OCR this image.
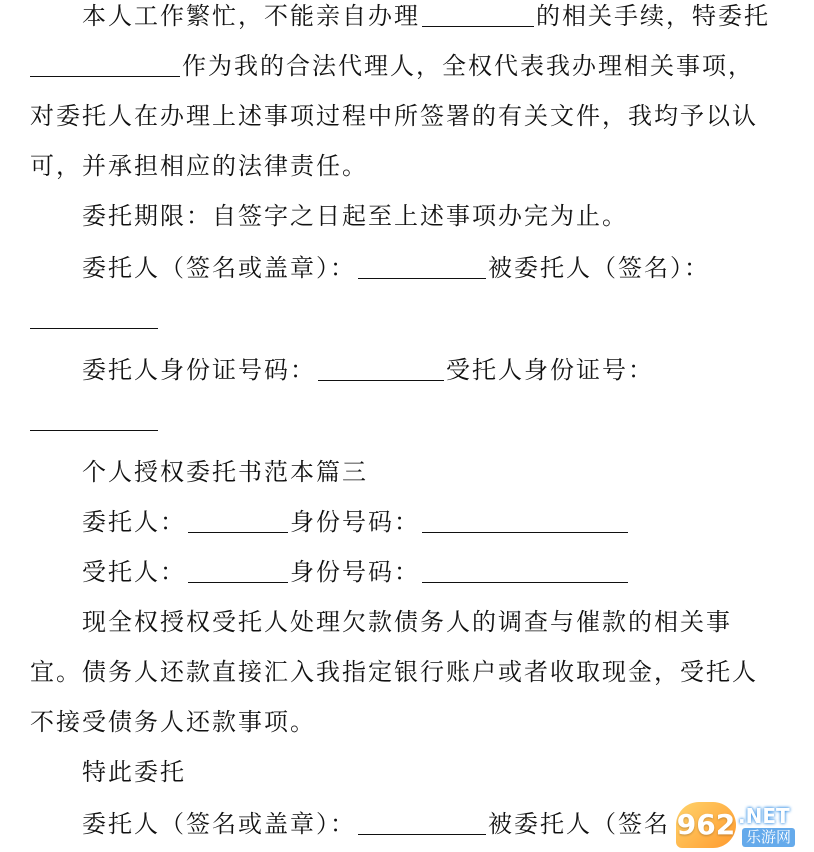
本人工作繁忙，不能亲自办理	的相关手续，特委托
作为我的合法代理人，全权代表我办理相关事项，
对委托人在办理上述事项过程中所签署的有关文件，我均予以认
可，并承担相应的法律责任。
委托期限：自签字之日起至上述事项办完为止。
委托人（签名或盖章）：	被委托人（签名）：
委托人身份证号码：	受托人身份证号：
个人授权委托书范本篇三
委托人：	身份号码：
受托人：	身份号码：
现全权授权受托人处理欠款债务人的调查与催款的相关事
宜。债务人还款直接汇入我指定银行账户或者收取现金，受托人
不接受债务人还款事项。
特此委托
委托人（签名或盖章）：	被委托人（签名 962 .NET
乐游网
